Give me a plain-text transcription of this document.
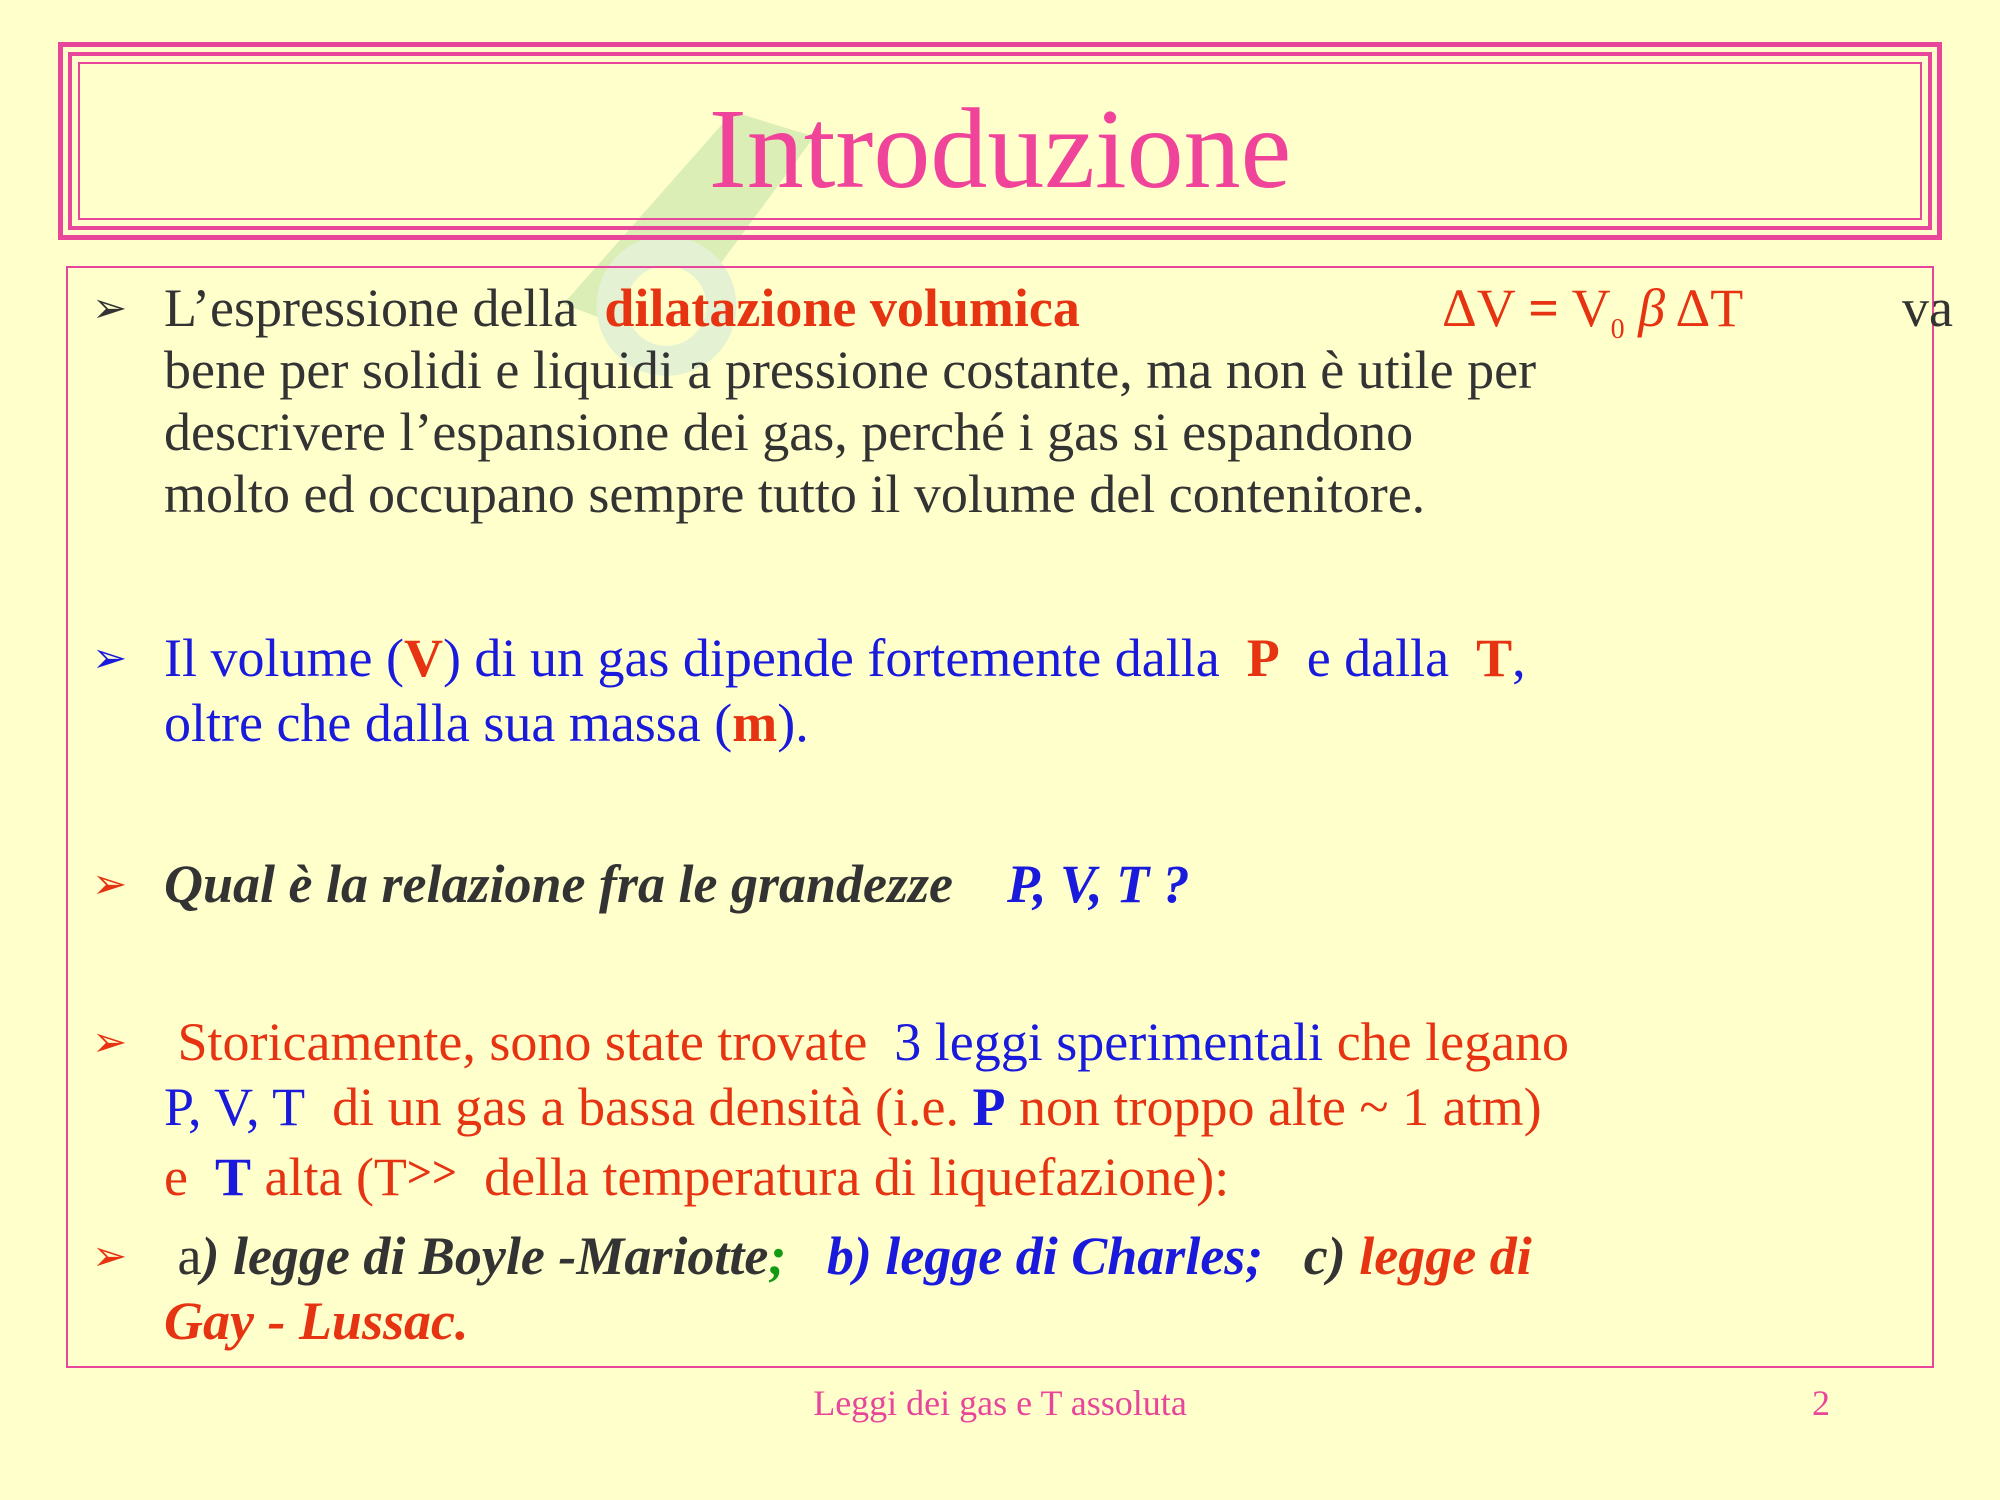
Introduzione
➢ L’espressione della dilatazione volumica	$\Delta V = V_0$ β ΔT	va
bene per solidi e liquidi a pressione costante, ma non è utile per
descrivere l’espansione dei gas, perché i gas si espandono
molto ed occupano sempre tutto il volume del contenitore.
➢ Il volume (V) di un gas dipende fortemente dalla P e dalla T,
oltre che dalla sua massa (m).
➢ Qual è la relazione fra le grandezze P, V, T ?
➢ Storicamente, sono state trovate 3 leggi sperimentali che legano
P, V, T di un gas a bassa densità (i.e. P non troppo alte ~ 1 atm)
e T alta (T>> della temperatura di liquefazione):
➢ a) legge di Boyle -Mariotte; b) legge di Charles; c) legge di
Gay - Lussac.
Leggi dei gas e T assoluta	2
